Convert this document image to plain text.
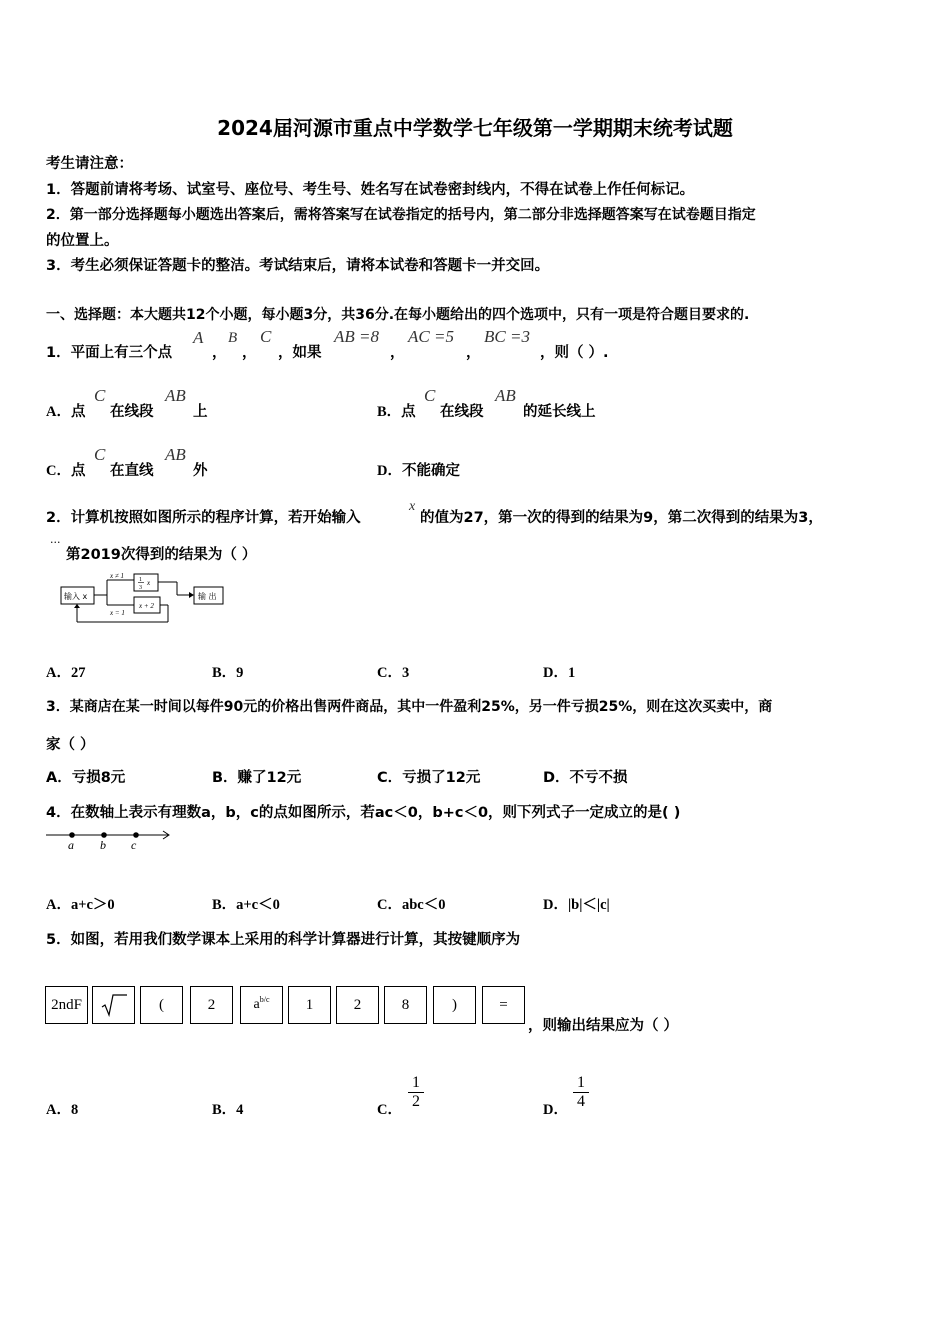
2024届河源市重点中学数学七年级第一学期期末统考试题
考生请注意：
1．答题前请将考场、试室号、座位号、考生号、姓名写在试卷密封线内，不得在试卷上作任何标记。
2．第一部分选择题每小题选出答案后，需将答案写在试卷指定的括号内，第二部分非选择题答案写在试卷题目指定
的位置上。
3．考生必须保证答题卡的整洁。考试结束后，请将本试卷和答题卡一并交回。
一、选择题：本大题共12个小题，每小题3分，共36分.在每小题给出的四个选项中，只有一项是符合题目要求的.
1．平面上有三个点
A
，
B
，
C
，如果
AB =8
，
AC =5
，
BC =3
，则（ ）.
A．点
C
在线段
AB
上	B．点
C
在线段
AB
的延长线上
C．点
C
在直线
AB
外	D．不能确定
2．计算机按照如图所示的程序计算，若开始输入
x
的值为27，第一次的得到的结果为9，第二次得到的结果为3，
···
第2019次得到的结果为（ ）
输入 x
x ≠ 1
x = 1
1
3
x
x + 2
输 出
A．27	B．9	C．3	D．1
3．某商店在某一时间以每件90元的价格出售两件商品，其中一件盈利25%，另一件亏损25%，则在这次买卖中，商
家（ ）
A．亏损8元	B．赚了12元	C．亏损了12元	D．不亏不损
4．在数轴上表示有理数a，b，c的点如图所示，若ac＜0，b+c＜0，则下列式子一定成立的是( )
a b c
A．a+c＞0	B．a+c＜0	C．abc＜0	D．|b|＜|c|
5．如图，若用我们数学课本上采用的科学计算器进行计算，其按键顺序为
2ndF	(	2	a b/c	1	2	8	)	=
，则输出结果应为（ ）
A．8	B．4	C． $\frac{1}{2}$	D． $\frac{1}{4}$
